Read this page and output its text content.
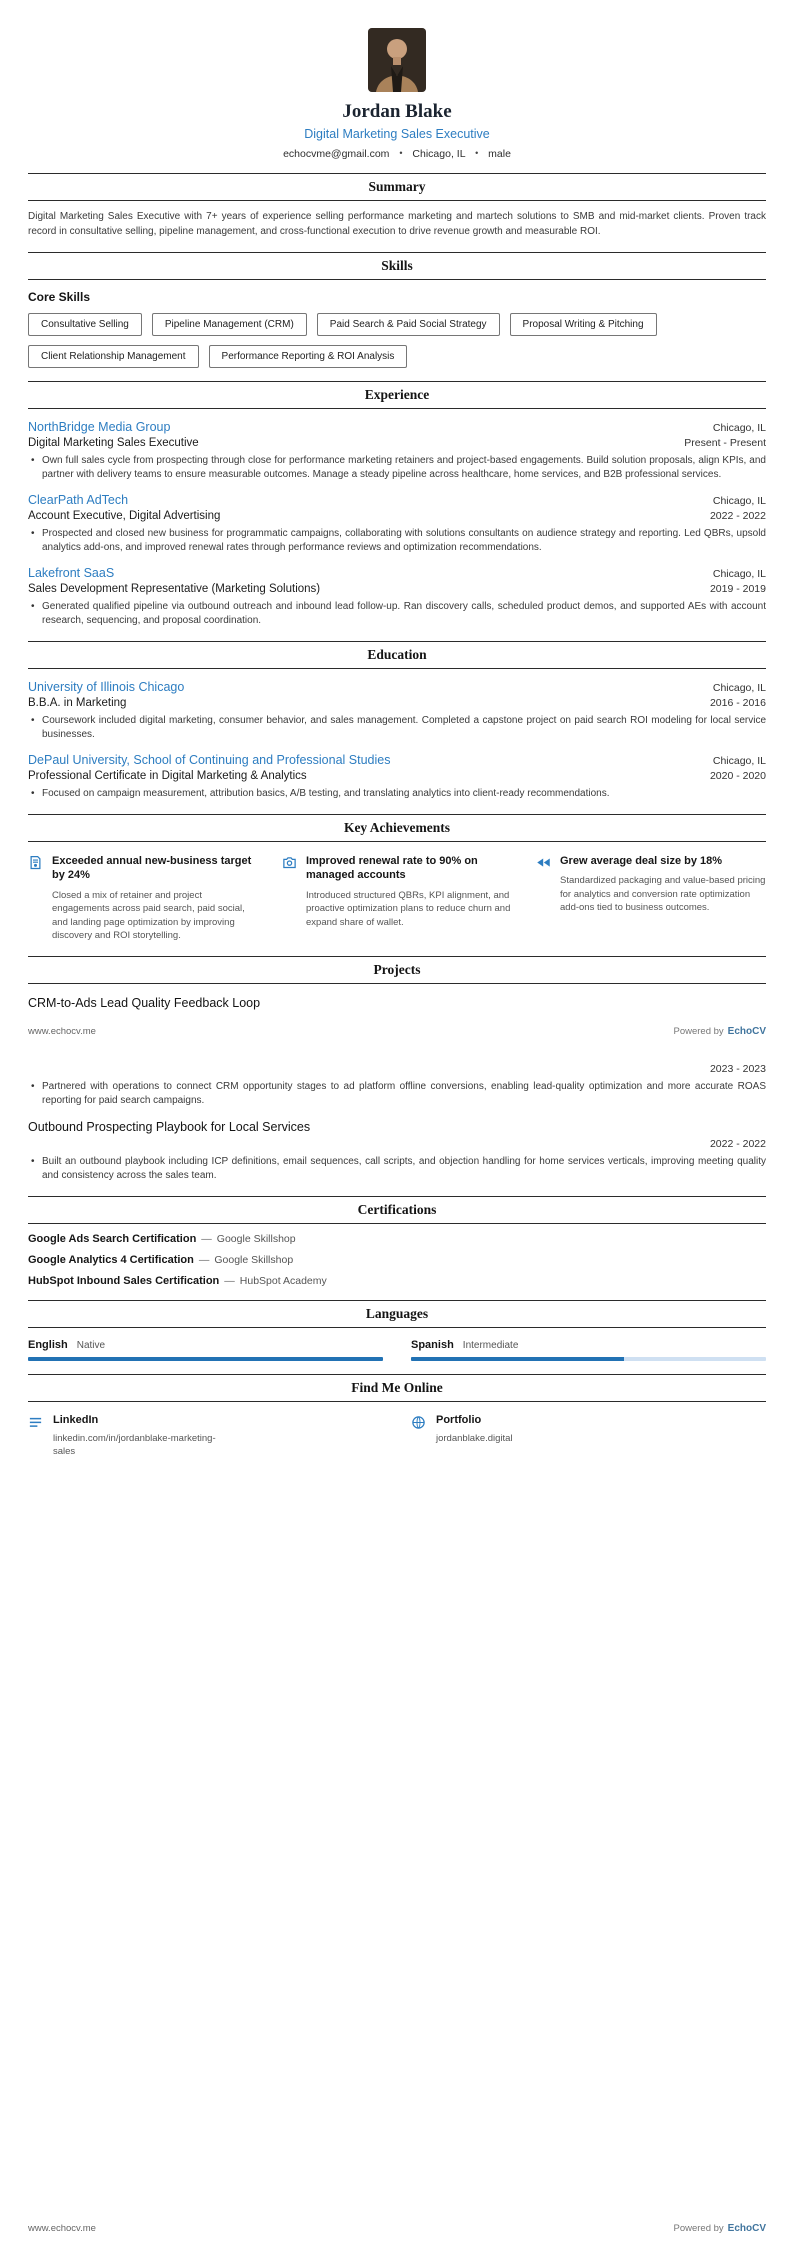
Jordan Blake
Digital Marketing Sales Executive
echocvme@gmail.com • Chicago, IL • male
Summary

Digital Marketing Sales Executive with 7+ years of experience selling performance marketing and martech solutions to SMB and mid-market clients. Proven track record in consultative selling, pipeline management, and cross-functional execution to drive revenue growth and measurable ROI.

Skills
Core Skills
Consultative Selling	Pipeline Management (CRM)	Paid Search & Paid Social Strategy	Proposal Writing & Pitching
Client Relationship Management	Performance Reporting & ROI Analysis
Experience
NorthBridge Media Group	Chicago, IL
Digital Marketing Sales Executive	Present - Present
• Own full sales cycle from prospecting through close for performance marketing retainers and project-based engagements. Build solution proposals, align KPIs, and partner with delivery teams to ensure measurable outcomes. Manage a steady pipeline across healthcare, home services, and B2B professional services.
ClearPath AdTech	Chicago, IL
Account Executive, Digital Advertising	2022 - 2022
• Prospected and closed new business for programmatic campaigns, collaborating with solutions consultants on audience strategy and reporting. Led QBRs, upsold analytics add-ons, and improved renewal rates through performance reviews and optimization recommendations.
Lakefront SaaS	Chicago, IL
Sales Development Representative (Marketing Solutions)	2019 - 2019
• Generated qualified pipeline via outbound outreach and inbound lead follow-up. Ran discovery calls, scheduled product demos, and supported AEs with account research, sequencing, and proposal coordination.
Education
University of Illinois Chicago	Chicago, IL
B.B.A. in Marketing	2016 - 2016
• Coursework included digital marketing, consumer behavior, and sales management. Completed a capstone project on paid search ROI modeling for local service businesses.
DePaul University, School of Continuing and Professional Studies	Chicago, IL
Professional Certificate in Digital Marketing & Analytics	2020 - 2020
• Focused on campaign measurement, attribution basics, A/B testing, and translating analytics into client-ready recommendations.
Key Achievements
Exceeded annual new-business target by 24%
Closed a mix of retainer and project engagements across paid search, paid social, and landing page optimization by improving discovery and ROI storytelling.
Improved renewal rate to 90% on managed accounts
Introduced structured QBRs, KPI alignment, and proactive optimization plans to reduce churn and expand share of wallet.
Grew average deal size by 18%
Standardized packaging and value-based pricing for analytics and conversion rate optimization add-ons tied to business outcomes.
Projects
CRM-to-Ads Lead Quality Feedback Loop
www.echocv.me	Powered by EchoCV
2023 - 2023
• Partnered with operations to connect CRM opportunity stages to ad platform offline conversions, enabling lead-quality optimization and more accurate ROAS reporting for paid search campaigns.
Outbound Prospecting Playbook for Local Services
2022 - 2022
• Built an outbound playbook including ICP definitions, email sequences, call scripts, and objection handling for home services verticals, improving meeting quality and consistency across the sales team.
Certifications
Google Ads Search Certification — Google Skillshop
Google Analytics 4 Certification — Google Skillshop
HubSpot Inbound Sales Certification — HubSpot Academy
Languages
English Native	Spanish Intermediate
Find Me Online
LinkedIn
linkedin.com/in/jordanblake-marketing-sales
Portfolio
jordanblake.digital
www.echocv.me	Powered by EchoCV
